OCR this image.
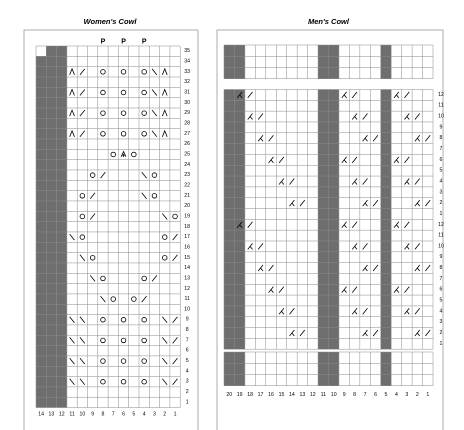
Women's Cowl	Men's Cowl
35
34
33
32
31
30
29
28
27
26
25
24
23
22
21
20
19
18
17
16
15
14
13
12
11
10
9
8
7
6
5
4
3
2
1
14 13 12 11 10 9 8 7 6 5 4 3 2 1
P P P
12
11
10
9
8
7
6
5
4
3
2
1
12
11
10
9
8
7
6
5
4
3
2
1
20 19 18 17 16 15 14 13 12 11 10 9 8 7 6 5 4 3 2 1
